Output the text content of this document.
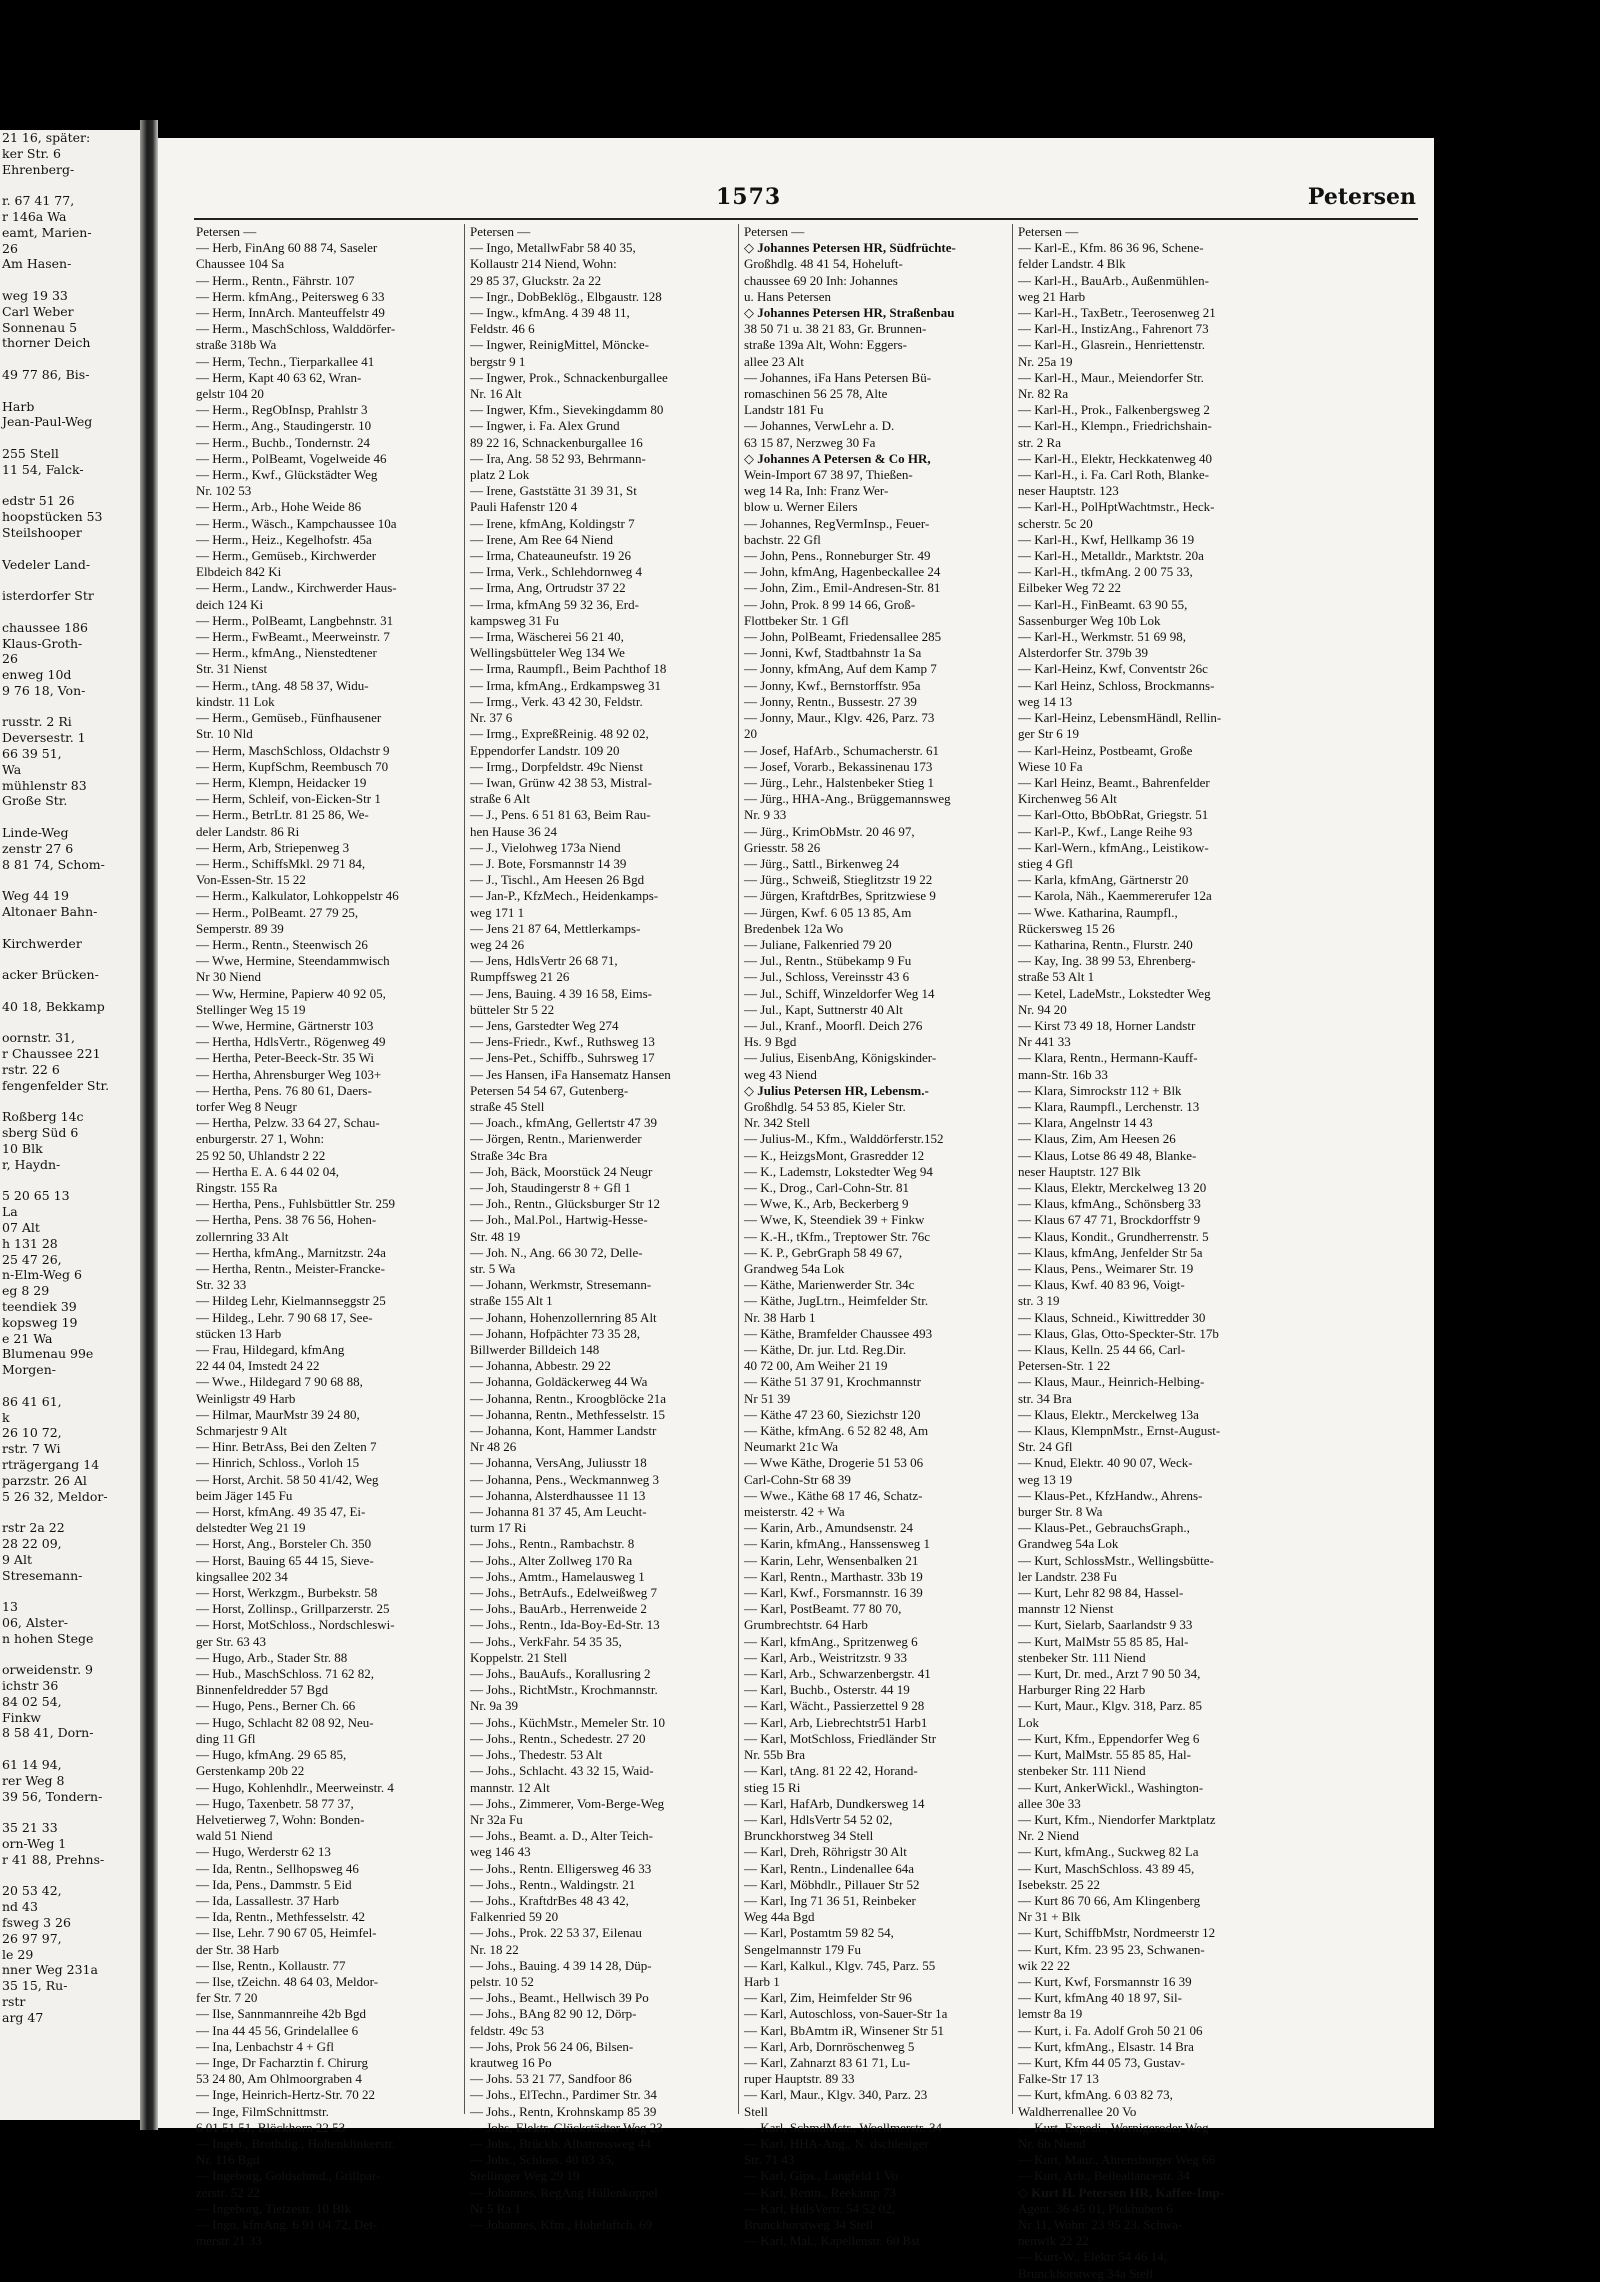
21 16, später:
ker Str. 6
Ehrenberg-

r. 67 41 77,
r 146a Wa
eamt, Marien-
26
Am Hasen-

weg 19 33
Carl Weber
Sonnenau 5
thorner Deich

49 77 86, Bis-

Harb
Jean-Paul-Weg

255 Stell
11 54, Falck-

edstr 51 26
hoopstücken 53
Steilshooper

Vedeler Land-

isterdorfer Str

chaussee 186
Klaus-Groth-
26
enweg 10d
9 76 18, Von-

russtr. 2 Ri
Deversestr. 1
66 39 51,
Wa
mühlenstr 83
Große Str.

Linde-Weg
zenstr 27 6
8 81 74, Schom-

Weg 44 19
Altonaer Bahn-

Kirchwerder

acker Brücken-

40 18, Bekkamp

oornstr. 31,
r Chaussee 221
rstr. 22 6
fengenfelder Str.

Roßberg 14c
sberg Süd 6
10 Blk
r, Haydn-

5 20 65 13
La
07 Alt
h 131 28
25 47 26,
n-Elm-Weg 6
eg 8 29
teendiek 39
kopsweg 19
e 21 Wa
Blumenau 99e
Morgen-

86 41 61,
k
26 10 72,
rstr. 7 Wi
rträgergang 14
parzstr. 26 Al
5 26 32, Meldor-

rstr 2a 22
28 22 09,
9 Alt
Stresemann-

13
06, Alster-
n hohen Stege

orweidenstr. 9
ichstr 36
84 02 54,
Finkw
8 58 41, Dorn-

61 14 94,
rer Weg 8
39 56, Tondern-

35 21 33
orn-Weg 1
r 41 88, Prehns-

20 53 42,
nd 43
fsweg 3 26
26 97 97,
le 29
nner Weg 231a
35 15, Ru-
rstr
arg 47
1573	Petersen
Petersen —
— Herb, FinAng 60 88 74, Saseler
Chaussee 104 Sa
— Herm., Rentn., Fährstr. 107
— Herm. kfmAng., Peitersweg 6 33
— Herm, InnArch. Manteuffelstr 49
— Herm., MaschSchloss, Walddörfer-
straße 318b Wa
— Herm, Techn., Tierparkallee 41
— Herm, Kapt 40 63 62, Wran-
gelstr 104 20
— Herm., RegObInsp, Prahlstr 3
— Herm., Ang., Staudingerstr. 10
— Herm., Buchb., Tondernstr. 24
— Herm., PolBeamt, Vogelweide 46
— Herm., Kwf., Glückstädter Weg
Nr. 102 53
— Herm., Arb., Hohe Weide 86
— Herm., Wäsch., Kampchaussee 10a
— Herm., Heiz., Kegelhofstr. 45a
— Herm., Gemüseb., Kirchwerder
Elbdeich 842 Ki
— Herm., Landw., Kirchwerder Haus-
deich 124 Ki
— Herm., PolBeamt, Langbehnstr. 31
— Herm., FwBeamt., Meerweinstr. 7
— Herm., kfmAng., Nienstedtener
Str. 31 Nienst
— Herm., tAng. 48 58 37, Widu-
kindstr. 11 Lok
— Herm., Gemüseb., Fünfhausener
Str. 10 Nld
— Herm, MaschSchloss, Oldachstr 9
— Herm, KupfSchm, Reembusch 70
— Herm, Klempn, Heidacker 19
— Herm, Schleif, von-Eicken-Str 1
— Herm., BetrLtr. 81 25 86, We-
deler Landstr. 86 Ri
— Herm, Arb, Striepenweg 3
— Herm., SchiffsMkl. 29 71 84,
Von-Essen-Str. 15 22
— Herm., Kalkulator, Lohkoppelstr 46
— Herm., PolBeamt. 27 79 25,
Semperstr. 89 39
— Herm., Rentn., Steenwisch 26
— Wwe, Hermine, Steendammwisch
Nr 30 Niend
— Ww, Hermine, Papierw 40 92 05,
Stellinger Weg 15 19
— Wwe, Hermine, Gärtnerstr 103
— Hertha, HdlsVertr., Rögenweg 49
— Hertha, Peter-Beeck-Str. 35 Wi
— Hertha, Ahrensburger Weg 103+
— Hertha, Pens. 76 80 61, Daers-
torfer Weg 8 Neugr
— Hertha, Pelzw. 33 64 27, Schau-
enburgerstr. 27 1, Wohn:
25 92 50, Uhlandstr 2 22
— Hertha E. A. 6 44 02 04,
Ringstr. 155 Ra
— Hertha, Pens., Fuhlsbüttler Str. 259
— Hertha, Pens. 38 76 56, Hohen-
zollernring 33 Alt
— Hertha, kfmAng., Marnitzstr. 24a
— Hertha, Rentn., Meister-Francke-
Str. 32 33
— Hildeg Lehr, Kielmannseggstr 25
— Hildeg., Lehr. 7 90 68 17, See-
stücken 13 Harb
— Frau, Hildegard, kfmAng
22 44 04, Imstedt 24 22
— Wwe., Hildegard 7 90 68 88,
Weinligstr 49 Harb
— Hilmar, MaurMstr 39 24 80,
Schmarjestr 9 Alt
— Hinr. BetrAss, Bei den Zelten 7
— Hinrich, Schloss., Vorloh 15
— Horst, Archit. 58 50 41/42, Weg
beim Jäger 145 Fu
— Horst, kfmAng. 49 35 47, Ei-
delstedter Weg 21 19
— Horst, Ang., Borsteler Ch. 350
— Horst, Bauing 65 44 15, Sieve-
kingsallee 202 34
— Horst, Werkzgm., Burbekstr. 58
— Horst, Zollinsp., Grillparzerstr. 25
— Horst, MotSchloss., Nordschleswi-
ger Str. 63 43
— Hugo, Arb., Stader Str. 88
— Hub., MaschSchloss. 71 62 82,
Binnenfeldredder 57 Bgd
— Hugo, Pens., Berner Ch. 66
— Hugo, Schlacht 82 08 92, Neu-
ding 11 Gfl
— Hugo, kfmAng. 29 65 85,
Gerstenkamp 20b 22
— Hugo, Kohlenhdlr., Meerweinstr. 4
— Hugo, Taxenbetr. 58 77 37,
Helvetierweg 7, Wohn: Bonden-
wald 51 Niend
— Hugo, Werderstr 62 13
— Ida, Rentn., Sellhopsweg 46
— Ida, Pens., Dammstr. 5 Eid
— Ida, Lassallestr. 37 Harb
— Ida, Rentn., Methfesselstr. 42
— Ilse, Lehr. 7 90 67 05, Heimfel-
der Str. 38 Harb
— Ilse, Rentn., Kollaustr. 77
— Ilse, tZeichn. 48 64 03, Meldor-
fer Str. 7 20
— Ilse, Sannmannreihe 42b Bgd
— Ina 44 45 56, Grindelallee 6
— Ina, Lenbachstr 4 + Gfl
— Inge, Dr Facharztin f. Chirurg
53 24 80, Am Ohlmoorgraben 4
— Inge, Heinrich-Hertz-Str. 70 22
— Inge, FilmSchnittmstr.
6 01 51 51, Blöckhorn 22 53
— Ingeb., Brothdig., Holtenklinkerstr.
Nr. 116 Bgd
— Ingeborg, Goldschmd., Grillpar-
zerstr. 52 22
— Ingeborg, Tietzestr. 10 Blk
— Ingo, kfmAng. 6 91 04 72, Det-
merstr 21 33
Petersen —
— Ingo, MetallwFabr 58 40 35,
Kollaustr 214 Niend, Wohn:
29 85 37, Gluckstr. 2a 22
— Ingr., DobBeklög., Elbgaustr. 128
— Ingw., kfmAng. 4 39 48 11,
Feldstr. 46 6
— Ingwer, ReinigMittel, Möncke-
bergstr 9 1
— Ingwer, Prok., Schnackenburgallee
Nr. 16 Alt
— Ingwer, Kfm., Sievekingdamm 80
— Ingwer, i. Fa. Alex Grund
89 22 16, Schnackenburgallee 16
— Ira, Ang. 58 52 93, Behrmann-
platz 2 Lok
— Irene, Gaststätte 31 39 31, St
Pauli Hafenstr 120 4
— Irene, kfmAng, Koldingstr 7
— Irene, Am Ree 64 Niend
— Irma, Chateauneufstr. 19 26
— Irma, Verk., Schlehdornweg 4
— Irma, Ang, Ortrudstr 37 22
— Irma, kfmAng 59 32 36, Erd-
kampsweg 31 Fu
— Irma, Wäscherei 56 21 40,
Wellingsbütteler Weg 134 We
— Irma, Raumpfl., Beim Pachthof 18
— Irma, kfmAng., Erdkampsweg 31
— Irmg., Verk. 43 42 30, Feldstr.
Nr. 37 6
— Irmg., ExpreßReinig. 48 92 02,
Eppendorfer Landstr. 109 20
— Irmg., Dorpfeldstr. 49c Nienst
— Iwan, Grünw 42 38 53, Mistral-
straße 6 Alt
— J., Pens. 6 51 81 63, Beim Rau-
hen Hause 36 24
— J., Vielohweg 173a Niend
— J. Bote, Forsmannstr 14 39
— J., Tischl., Am Heesen 26 Bgd
— Jan-P., KfzMech., Heidenkamps-
weg 171 1
— Jens 21 87 64, Mettlerkamps-
weg 24 26
— Jens, HdlsVertr 26 68 71,
Rumpffsweg 21 26
— Jens, Bauing. 4 39 16 58, Eims-
bütteler Str 5 22
— Jens, Garstedter Weg 274
— Jens-Friedr., Kwf., Ruthsweg 13
— Jens-Pet., Schiffb., Suhrsweg 17
— Jes Hansen, iFa Hansematz Hansen
Petersen 54 54 67, Gutenberg-
straße 45 Stell
— Joach., kfmAng, Gellertstr 47 39
— Jörgen, Rentn., Marienwerder
Straße 34c Bra
— Joh, Bäck, Moorstück 24 Neugr
— Joh, Staudingerstr 8 + Gfl 1
— Joh., Rentn., Glücksburger Str 12
— Joh., Mal.Pol., Hartwig-Hesse-
Str. 48 19
— Joh. N., Ang. 66 30 72, Delle-
str. 5 Wa
— Johann, Werkmstr, Stresemann-
straße 155 Alt 1
— Johann, Hohenzollernring 85 Alt
— Johann, Hofpächter 73 35 28,
Billwerder Billdeich 148
— Johanna, Abbestr. 29 22
— Johanna, Goldäckerweg 44 Wa
— Johanna, Rentn., Kroogblöcke 21a
— Johanna, Rentn., Methfesselstr. 15
— Johanna, Kont, Hammer Landstr
Nr 48 26
— Johanna, VersAng, Juliusstr 18
— Johanna, Pens., Weckmannweg 3
— Johanna, Alsterdhaussee 11 13
— Johanna 81 37 45, Am Leucht-
turm 17 Ri
— Johs., Rentn., Rambachstr. 8
— Johs., Alter Zollweg 170 Ra
— Johs., Amtm., Hamelausweg 1
— Johs., BetrAufs., Edelweißweg 7
— Johs., BauArb., Herrenweide 2
— Johs., Rentn., Ida-Boy-Ed-Str. 13
— Johs., VerkFahr. 54 35 35,
Koppelstr. 21 Stell
— Johs., BauAufs., Korallusring 2
— Johs., RichtMstr., Krochmannstr.
Nr. 9a 39
— Johs., KüchMstr., Memeler Str. 10
— Johs., Rentn., Schedestr. 27 20
— Johs., Thedestr. 53 Alt
— Johs., Schlacht. 43 32 15, Waid-
mannstr. 12 Alt
— Johs., Zimmerer, Vom-Berge-Weg
Nr 32a Fu
— Johs., Beamt. a. D., Alter Teich-
weg 146 43
— Johs., Rentn. Elligersweg 46 33
— Johs., Rentn., Waldingstr. 21
— Johs., KraftdrBes 48 43 42,
Falkenried 59 20
— Johs., Prok. 22 53 37, Eilenau
Nr. 18 22
— Johs., Bauing. 4 39 14 28, Düp-
pelstr. 10 52
— Johs., Beamt., Hellwisch 39 Po
— Johs., BAng 82 90 12, Dörp-
feldstr. 49c 53
— Johs, Prok 56 24 06, Bilsen-
krautweg 16 Po
— Johs. 53 21 77, Sandfoor 86
— Johs., ElTechn., Pardimer Str. 34
— Johs., Rentn, Krohnskamp 85 39
— Johs, Elektr, Glückstädter Weg 23
— Johs., Brückb. Albatrossweg 44
— Johs., Schloss. 40 03 35,
Stellinger Weg 29 19
— Johannes, RegAng Hüllenkoppel
Nr 5 Ra 1
— Johannes, Kfm., Hoheluftch. 69
Petersen —
◇ Johannes Petersen HR, Südfrüchte-
Großhdlg. 48 41 54, Hoheluft-
chaussee 69 20 Inh: Johannes
u. Hans Petersen
◇ Johannes Petersen HR, Straßenbau
38 50 71 u. 38 21 83, Gr. Brunnen-
straße 139a Alt, Wohn: Eggers-
allee 23 Alt
— Johannes, iFa Hans Petersen Bü-
romaschinen 56 25 78, Alte
Landstr 181 Fu
— Johannes, VerwLehr a. D.
63 15 87, Nerzweg 30 Fa
◇ Johannes A Petersen & Co HR,
Wein-Import 67 38 97, Thießen-
weg 14 Ra, Inh: Franz Wer-
blow u. Werner Eilers
— Johannes, RegVermInsp., Feuer-
bachstr. 22 Gfl
— John, Pens., Ronneburger Str. 49
— John, kfmAng, Hagenbeckallee 24
— John, Zim., Emil-Andresen-Str. 81
— John, Prok. 8 99 14 66, Groß-
Flottbeker Str. 1 Gfl
— John, PolBeamt, Friedensallee 285
— Jonni, Kwf, Stadtbahnstr 1a Sa
— Jonny, kfmAng, Auf dem Kamp 7
— Jonny, Kwf., Bernstorffstr. 95a
— Jonny, Rentn., Bussestr. 27 39
— Jonny, Maur., Klgv. 426, Parz. 73
20
— Josef, HafArb., Schumacherstr. 61
— Josef, Vorarb., Bekassinenau 173
— Jürg., Lehr., Halstenbeker Stieg 1
— Jürg., HHA-Ang., Brüggemannsweg
Nr. 9 33
— Jürg., KrimObMstr. 20 46 97,
Griesstr. 58 26
— Jürg., Sattl., Birkenweg 24
— Jürg., Schweiß, Stieglitzstr 19 22
— Jürgen, KraftdrBes, Spritzwiese 9
— Jürgen, Kwf. 6 05 13 85, Am
Bredenbek 12a Wo
— Juliane, Falkenried 79 20
— Jul., Rentn., Stübekamp 9 Fu
— Jul., Schloss, Vereinsstr 43 6
— Jul., Schiff, Winzeldorfer Weg 14
— Jul., Kapt, Suttnerstr 40 Alt
— Jul., Kranf., Moorfl. Deich 276
Hs. 9 Bgd
— Julius, EisenbAng, Königskinder-
weg 43 Niend
◇ Julius Petersen HR, Lebensm.-
Großhdlg. 54 53 85, Kieler Str.
Nr. 342 Stell
— Julius-M., Kfm., Walddörferstr.152
— K., HeizgsMont, Grasredder 12
— K., Lademstr, Lokstedter Weg 94
— K., Drog., Carl-Cohn-Str. 81
— Wwe, K., Arb, Beckerberg 9
— Wwe, K, Steendiek 39 + Finkw
— K.-H., tKfm., Treptower Str. 76c
— K. P., GebrGraph 58 49 67,
Grandweg 54a Lok
— Käthe, Marienwerder Str. 34c
— Käthe, JugLtrn., Heimfelder Str.
Nr. 38 Harb 1
— Käthe, Bramfelder Chaussee 493
— Käthe, Dr. jur. Ltd. Reg.Dir.
40 72 00, Am Weiher 21 19
— Käthe 51 37 91, Krochmannstr
Nr 51 39
— Käthe 47 23 60, Siezichstr 120
— Käthe, kfmAng. 6 52 82 48, Am
Neumarkt 21c Wa
— Wwe Käthe, Drogerie 51 53 06
Carl-Cohn-Str 68 39
— Wwe., Käthe 68 17 46, Schatz-
meisterstr. 42 + Wa
— Karin, Arb., Amundsenstr. 24
— Karin, kfmAng., Hanssensweg 1
— Karin, Lehr, Wensenbalken 21
— Karl, Rentn., Marthastr. 33b 19
— Karl, Kwf., Forsmannstr. 16 39
— Karl, PostBeamt. 77 80 70,
Grumbrechtstr. 64 Harb
— Karl, kfmAng., Spritzenweg 6
— Karl, Arb., Weistritzstr. 9 33
— Karl, Arb., Schwarzenbergstr. 41
— Karl, Buchb., Osterstr. 44 19
— Karl, Wächt., Passierzettel 9 28
— Karl, Arb, Liebrechtstr51 Harb1
— Karl, MotSchloss, Friedländer Str
Nr. 55b Bra
— Karl, tAng. 81 22 42, Horand-
stieg 15 Ri
— Karl, HafArb, Dundkersweg 14
— Karl, HdlsVertr 54 52 02,
Brunckhorstweg 34 Stell
— Karl, Dreh, Röhrigstr 30 Alt
— Karl, Rentn., Lindenallee 64a
— Karl, Möbhdlr., Pillauer Str 52
— Karl, Ing 71 36 51, Reinbeker
Weg 44a Bgd
— Karl, Postamtm 59 82 54,
Sengelmannstr 179 Fu
— Karl, Kalkul., Klgv. 745, Parz. 55
Harb 1
— Karl, Zim, Heimfelder Str 96
— Karl, Autoschloss, von-Sauer-Str 1a
— Karl, BbAmtm iR, Winsener Str 51
— Karl, Arb, Dornröschenweg 5
— Karl, Zahnarzt 83 61 71, Lu-
ruper Hauptstr. 89 33
— Karl, Maur., Klgv. 340, Parz. 23
Stell
— Karl, SchmdMstr., Woellmerstr. 34
— Karl, HHA-Ang., N. dschlesiger
Str. 71 43
— Karl, Gips., Langfeld 1 Vo
— Karl, Rentn., Reekamp 73
— Karl, HdlsVertr. 54 52 02,
Brunckhorstweg 34 Stell
— Karl, Mal., Kapellenstr. 60 Bst
Petersen —
— Karl-E., Kfm. 86 36 96, Schene-
felder Landstr. 4 Blk
— Karl-H., BauArb., Außenmühlen-
weg 21 Harb
— Karl-H., TaxBetr., Teerosenweg 21
— Karl-H., InstizAng., Fahrenort 73
— Karl-H., Glasrein., Henriettenstr.
Nr. 25a 19
— Karl-H., Maur., Meiendorfer Str.
Nr. 82 Ra
— Karl-H., Prok., Falkenbergsweg 2
— Karl-H., Klempn., Friedrichshain-
str. 2 Ra
— Karl-H., Elektr, Heckkatenweg 40
— Karl-H., i. Fa. Carl Roth, Blanke-
neser Hauptstr. 123
— Karl-H., PolHptWachtmstr., Heck-
scherstr. 5c 20
— Karl-H., Kwf, Hellkamp 36 19
— Karl-H., Metalldr., Marktstr. 20a
— Karl-H., tkfmAng. 2 00 75 33,
Eilbeker Weg 72 22
— Karl-H., FinBeamt. 63 90 55,
Sassenburger Weg 10b Lok
— Karl-H., Werkmstr. 51 69 98,
Alsterdorfer Str. 379b 39
— Karl-Heinz, Kwf, Conventstr 26c
— Karl Heinz, Schloss, Brockmanns-
weg 14 13
— Karl-Heinz, LebensmHändl, Rellin-
ger Str 6 19
— Karl-Heinz, Postbeamt, Große
Wiese 10 Fa
— Karl Heinz, Beamt., Bahrenfelder
Kirchenweg 56 Alt
— Karl-Otto, BbObRat, Griegstr. 51
— Karl-P., Kwf., Lange Reihe 93
— Karl-Wern., kfmAng., Leistikow-
stieg 4 Gfl
— Karla, kfmAng, Gärtnerstr 20
— Karola, Näh., Kaemmererufer 12a
— Wwe. Katharina, Raumpfl.,
Rückersweg 15 26
— Katharina, Rentn., Flurstr. 240
— Kay, Ing. 38 99 53, Ehrenberg-
straße 53 Alt 1
— Ketel, LadeMstr., Lokstedter Weg
Nr. 94 20
— Kirst 73 49 18, Horner Landstr
Nr 441 33
— Klara, Rentn., Hermann-Kauff-
mann-Str. 16b 33
— Klara, Simrockstr 112 + Blk
— Klara, Raumpfl., Lerchenstr. 13
— Klara, Angelnstr 14 43
— Klaus, Zim, Am Heesen 26
— Klaus, Lotse 86 49 48, Blanke-
neser Hauptstr. 127 Blk
— Klaus, Elektr, Merckelweg 13 20
— Klaus, kfmAng., Schönsberg 33
— Klaus 67 47 71, Brockdorffstr 9
— Klaus, Kondit., Grundherrenstr. 5
— Klaus, kfmAng, Jenfelder Str 5a
— Klaus, Pens., Weimarer Str. 19
— Klaus, Kwf. 40 83 96, Voigt-
str. 3 19
— Klaus, Schneid., Kiwittredder 30
— Klaus, Glas, Otto-Speckter-Str. 17b
— Klaus, Kelln. 25 44 66, Carl-
Petersen-Str. 1 22
— Klaus, Maur., Heinrich-Helbing-
str. 34 Bra
— Klaus, Elektr., Merckelweg 13a
— Klaus, KlempnMstr., Ernst-August-
Str. 24 Gfl
— Knud, Elektr. 40 90 07, Weck-
weg 13 19
— Klaus-Pet., KfzHandw., Ahrens-
burger Str. 8 Wa
— Klaus-Pet., GebrauchsGraph.,
Grandweg 54a Lok
— Kurt, SchlossMstr., Wellingsbütte-
ler Landstr. 238 Fu
— Kurt, Lehr 82 98 84, Hassel-
mannstr 12 Nienst
— Kurt, Sielarb, Saarlandstr 9 33
— Kurt, MalMstr 55 85 85, Hal-
stenbeker Str. 111 Niend
— Kurt, Dr. med., Arzt 7 90 50 34,
Harburger Ring 22 Harb
— Kurt, Maur., Klgv. 318, Parz. 85
Lok
— Kurt, Kfm., Eppendorfer Weg 6
— Kurt, MalMstr. 55 85 85, Hal-
stenbeker Str. 111 Niend
— Kurt, AnkerWickl., Washington-
allee 30e 33
— Kurt, Kfm., Niendorfer Marktplatz
Nr. 2 Niend
— Kurt, kfmAng., Suckweg 82 La
— Kurt, MaschSchloss. 43 89 45,
Isebekstr. 25 22
— Kurt 86 70 66, Am Klingenberg
Nr 31 + Blk
— Kurt, SchiffbMstr, Nordmeerstr 12
— Kurt, Kfm. 23 95 23, Schwanen-
wik 22 22
— Kurt, Kwf, Forsmannstr 16 39
— Kurt, kfmAng 40 18 97, Sil-
lemstr 8a 19
— Kurt, i. Fa. Adolf Groh 50 21 06
— Kurt, kfmAng., Elsastr. 14 Bra
— Kurt, Kfm 44 05 73, Gustav-
Falke-Str 17 13
— Kurt, kfmAng. 6 03 82 73,
Waldherrenallee 20 Vo
— Kurt, Expedi., Wernigeroder Weg
Nr. 6b Niend
— Kurt, Maur., Ahrensburger Weg 66
— Kurt, Arb., Belleallancestr. 34
◇ Kurt H. Petersen HR, Kaffee-Imp-
Agent. 36 45 01, Pickhuben 6
Nr 11, Wohn: 23 95 23, Schwa-
nenwik 22 22
— Kurt-W., Elektr 54 46 14,
Brunckhorstweg 34a Stell
